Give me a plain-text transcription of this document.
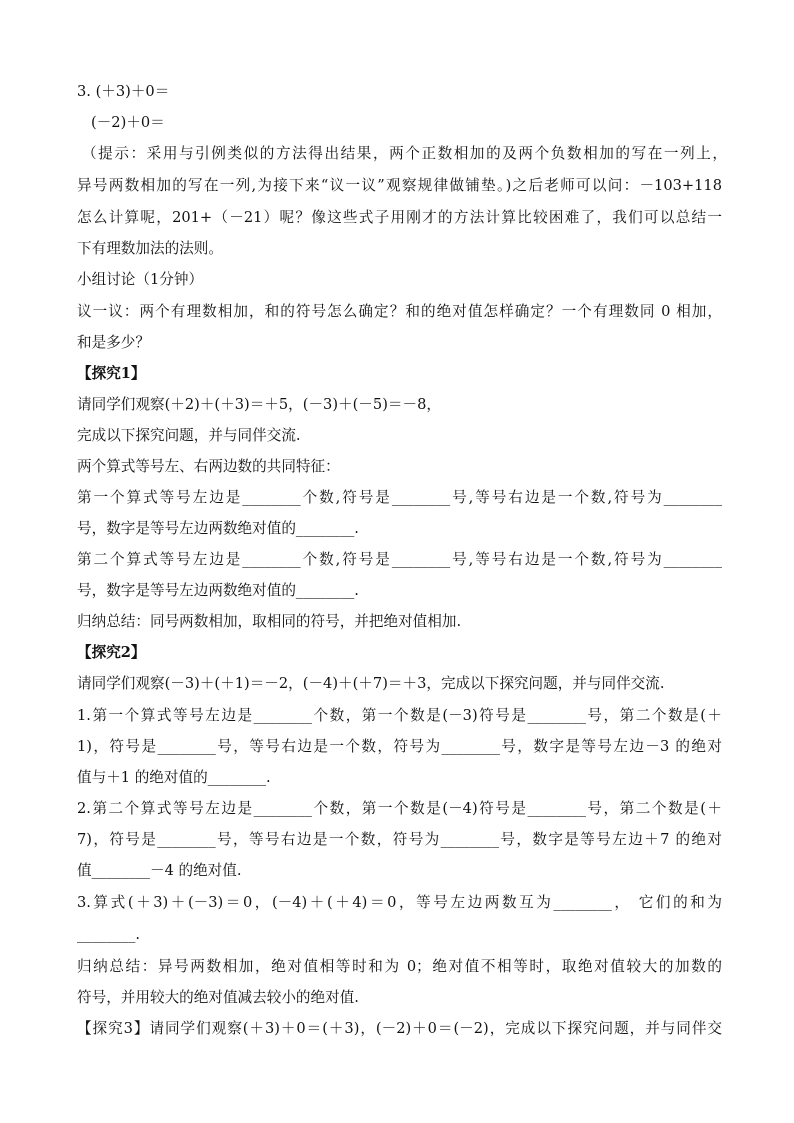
3. (＋3)＋0＝
(－2)＋0＝
（提示：采用与引例类似的方法得出结果，两个正数相加的及两个负数相加的写在一列上，
异号两数相加的写在一列,为接下来“议一议”观察规律做铺垫。)之后老师可以问：－103+118
怎么计算呢，201+（－21）呢？像这些式子用刚才的方法计算比较困难了，我们可以总结一
下有理数加法的法则。
小组讨论（1分钟）
议一议：两个有理数相加，和的符号怎么确定？和的绝对值怎样确定？一个有理数同 0 相加，
和是多少？
【探究1】
请同学们观察(＋2)＋(＋3)＝＋5，(－3)＋(－5)＝－8，
完成以下探究问题，并与同伴交流.
两个算式等号左、右两边数的共同特征：
第一个算式等号左边是________个数,符号是________号,等号右边是一个数,符号为________
号，数字是等号左边两数绝对值的________.
第二个算式等号左边是________个数,符号是________号,等号右边是一个数,符号为________
号，数字是等号左边两数绝对值的________.
归纳总结：同号两数相加，取相同的符号，并把绝对值相加.
【探究2】
请同学们观察(－3)＋(＋1)＝－2，(－4)＋(＋7)＝＋3，完成以下探究问题，并与同伴交流.
1.第一个算式等号左边是________个数，第一个数是(－3)符号是________号，第二个数是(＋
1)，符号是________号，等号右边是一个数，符号为________号，数字是等号左边－3 的绝对
值与＋1 的绝对值的________.
2.第二个算式等号左边是________个数，第一个数是(－4)符号是________号，第二个数是(＋
7)，符号是________号，等号右边是一个数，符号为________号，数字是等号左边＋7 的绝对
值________－4 的绝对值.
3.算式(＋3)＋(－3)＝0，(－4)＋(＋4)＝0，等号左边两数互为________， 它们的和为
________.
归纳总结：异号两数相加，绝对值相等时和为 0；绝对值不相等时，取绝对值较大的加数的
符号，并用较大的绝对值减去较小的绝对值.
【探究3】请同学们观察(＋3)＋0＝(＋3)，(－2)＋0＝(－2)，完成以下探究问题，并与同伴交
